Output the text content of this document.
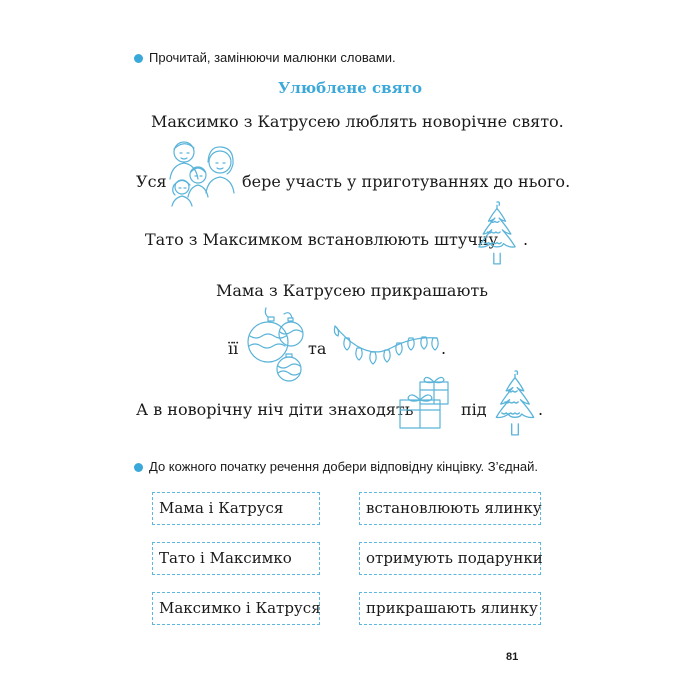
Прочитай, замінюючи малюнки словами.
Улюблене свято
Максимко з Катрусею люблять новорічне свято.
Уся	бере участь у приготуваннях до нього.
Тато з Максимком встановлюють штучну .
Мама з Катрусею прикрашають
її	та	.
А в новорічну ніч діти знаходять	під	.
До кожного початку речення добери відповідну кінцівку. З’єднай.
Мама і Катруся
Тато і Максимко
Максимко і Катруся
встановлюють ялинку
отримують подарунки
прикрашають ялинку
81
